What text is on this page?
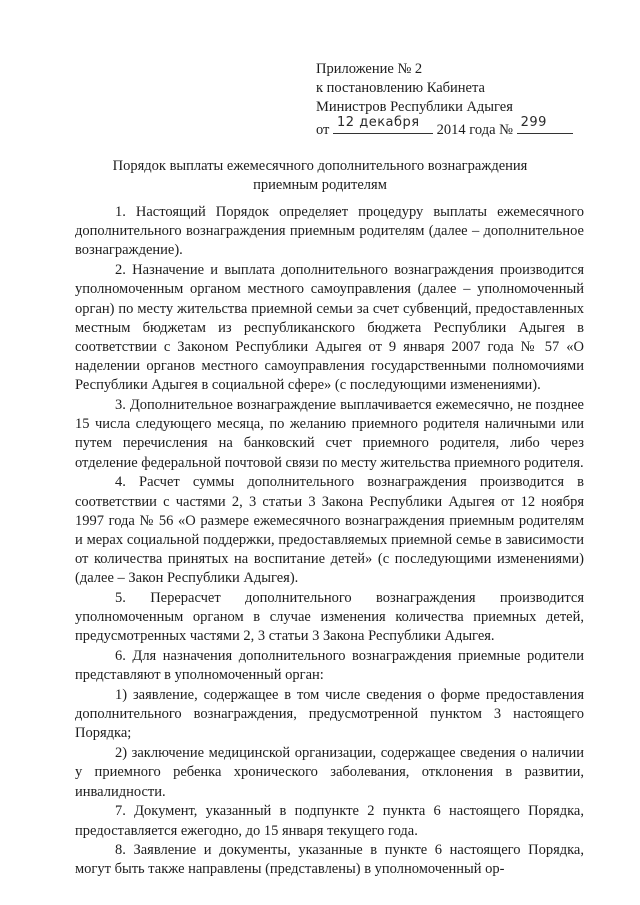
Приложение № 2
к постановлению Кабинета
Министров Республики Адыгея
от 12 декабря 2014 года № 299
Порядок выплаты ежемесячного дополнительного вознаграждения
приемным родителям

1. Настоящий Порядок определяет процедуру выплаты ежемесячного дополнительного вознаграждения приемным родителям (далее – дополнительное вознаграждение).

2. Назначение и выплата дополнительного вознаграждения производится уполномоченным органом местного самоуправления (далее – уполномоченный орган) по месту жительства приемной семьи за счет субвенций, предоставленных местным бюджетам из республиканского бюджета Республики Адыгея в соответствии с Законом Республики Адыгея от 9 января 2007 года № 57 «О наделении органов местного самоуправления государственными полномочиями Республики Адыгея в социальной сфере» (с последующими изменениями).

3. Дополнительное вознаграждение выплачивается ежемесячно, не позднее 15 числа следующего месяца, по желанию приемного родителя наличными или путем перечисления на банковский счет приемного родителя, либо через отделение федеральной почтовой связи по месту жительства приемного родителя.

4. Расчет суммы дополнительного вознаграждения производится в соответствии с частями 2, 3 статьи 3 Закона Республики Адыгея от 12 ноября 1997 года № 56 «О размере ежемесячного вознаграждения приемным родителям и мерах социальной поддержки, предоставляемых приемной семье в зависимости от количества принятых на воспитание детей» (с последующими изменениями) (далее – Закон Республики Адыгея).

5. Перерасчет дополнительного вознаграждения производится уполномоченным органом в случае изменения количества приемных детей, предусмотренных частями 2, 3 статьи 3 Закона Республики Адыгея.

6. Для назначения дополнительного вознаграждения приемные родители представляют в уполномоченный орган:

1) заявление, содержащее в том числе сведения о форме предоставления дополнительного вознаграждения, предусмотренной пунктом 3 настоящего Порядка;

2) заключение медицинской организации, содержащее сведения о наличии у приемного ребенка хронического заболевания, отклонения в развитии, инвалидности.

7. Документ, указанный в подпункте 2 пункта 6 настоящего Порядка, предоставляется ежегодно, до 15 января текущего года.

8. Заявление и документы, указанные в пункте 6 настоящего Порядка, могут быть также направлены (представлены) в уполномоченный ор-
